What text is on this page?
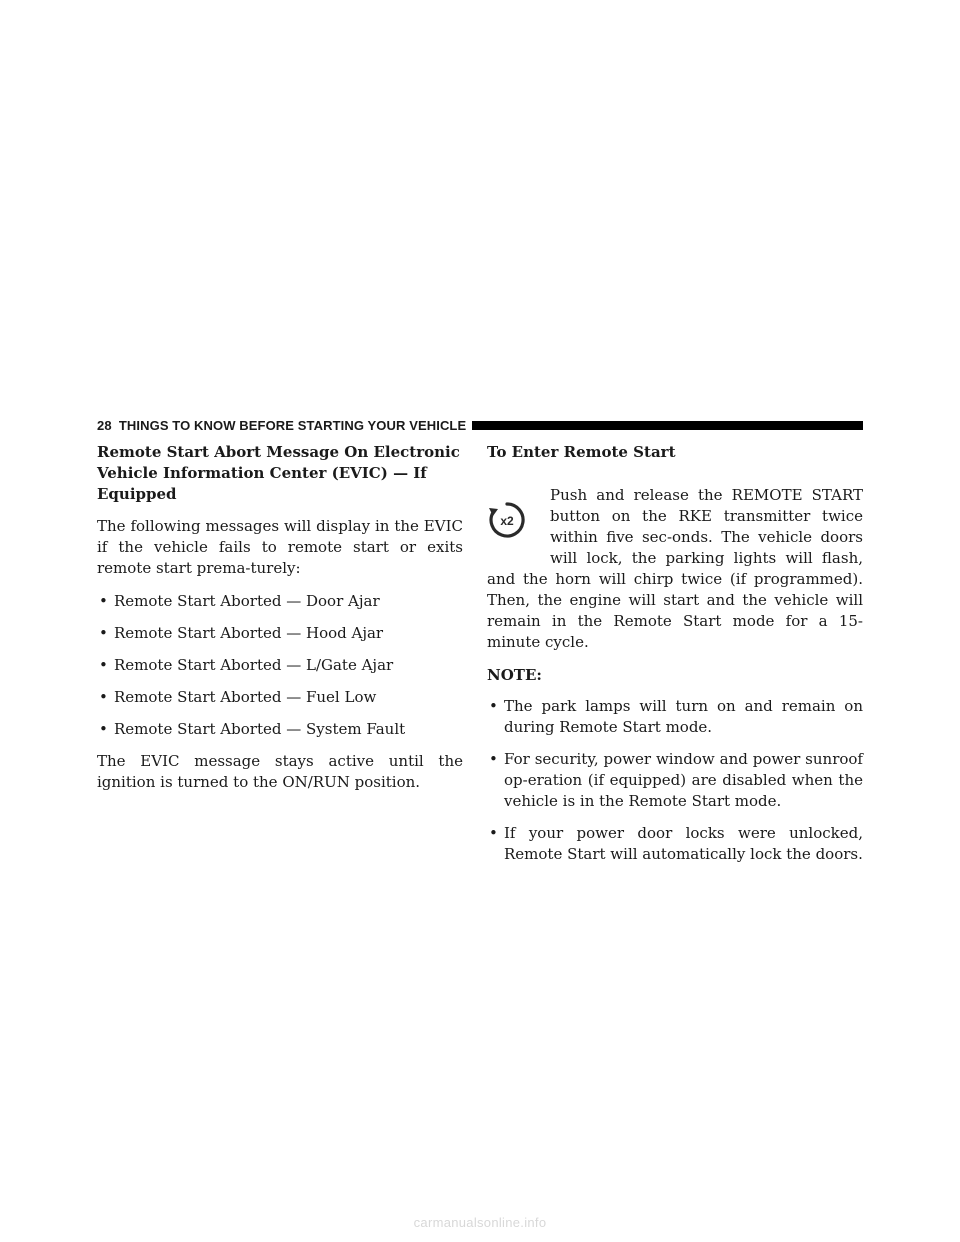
28 THINGS TO KNOW BEFORE STARTING YOUR VEHICLE
Remote Start Abort Message On Electronic Vehicle Information Center (EVIC) — If Equipped

The following messages will display in the EVIC if the vehicle fails to remote start or exits remote start prema-turely:

• Remote Start Aborted — Door Ajar
• Remote Start Aborted — Hood Ajar
• Remote Start Aborted — L/Gate Ajar
• Remote Start Aborted — Fuel Low
• Remote Start Aborted — System Fault

The EVIC message stays active until the ignition is turned to the ON/RUN position.

To Enter Remote Start
x2

Push and release the REMOTE START button on the RKE transmitter twice within five sec-onds. The vehicle doors will lock, the parking lights will flash, and the horn will chirp twice (if programmed). Then, the engine will start and the vehicle will remain in the Remote Start mode for a 15-minute cycle.

NOTE:

• The park lamps will turn on and remain on during Remote Start mode.
• For security, power window and power sunroof op-eration (if equipped) are disabled when the vehicle is in the Remote Start mode.
• If your power door locks were unlocked, Remote Start will automatically lock the doors.
carmanualsonline.info
